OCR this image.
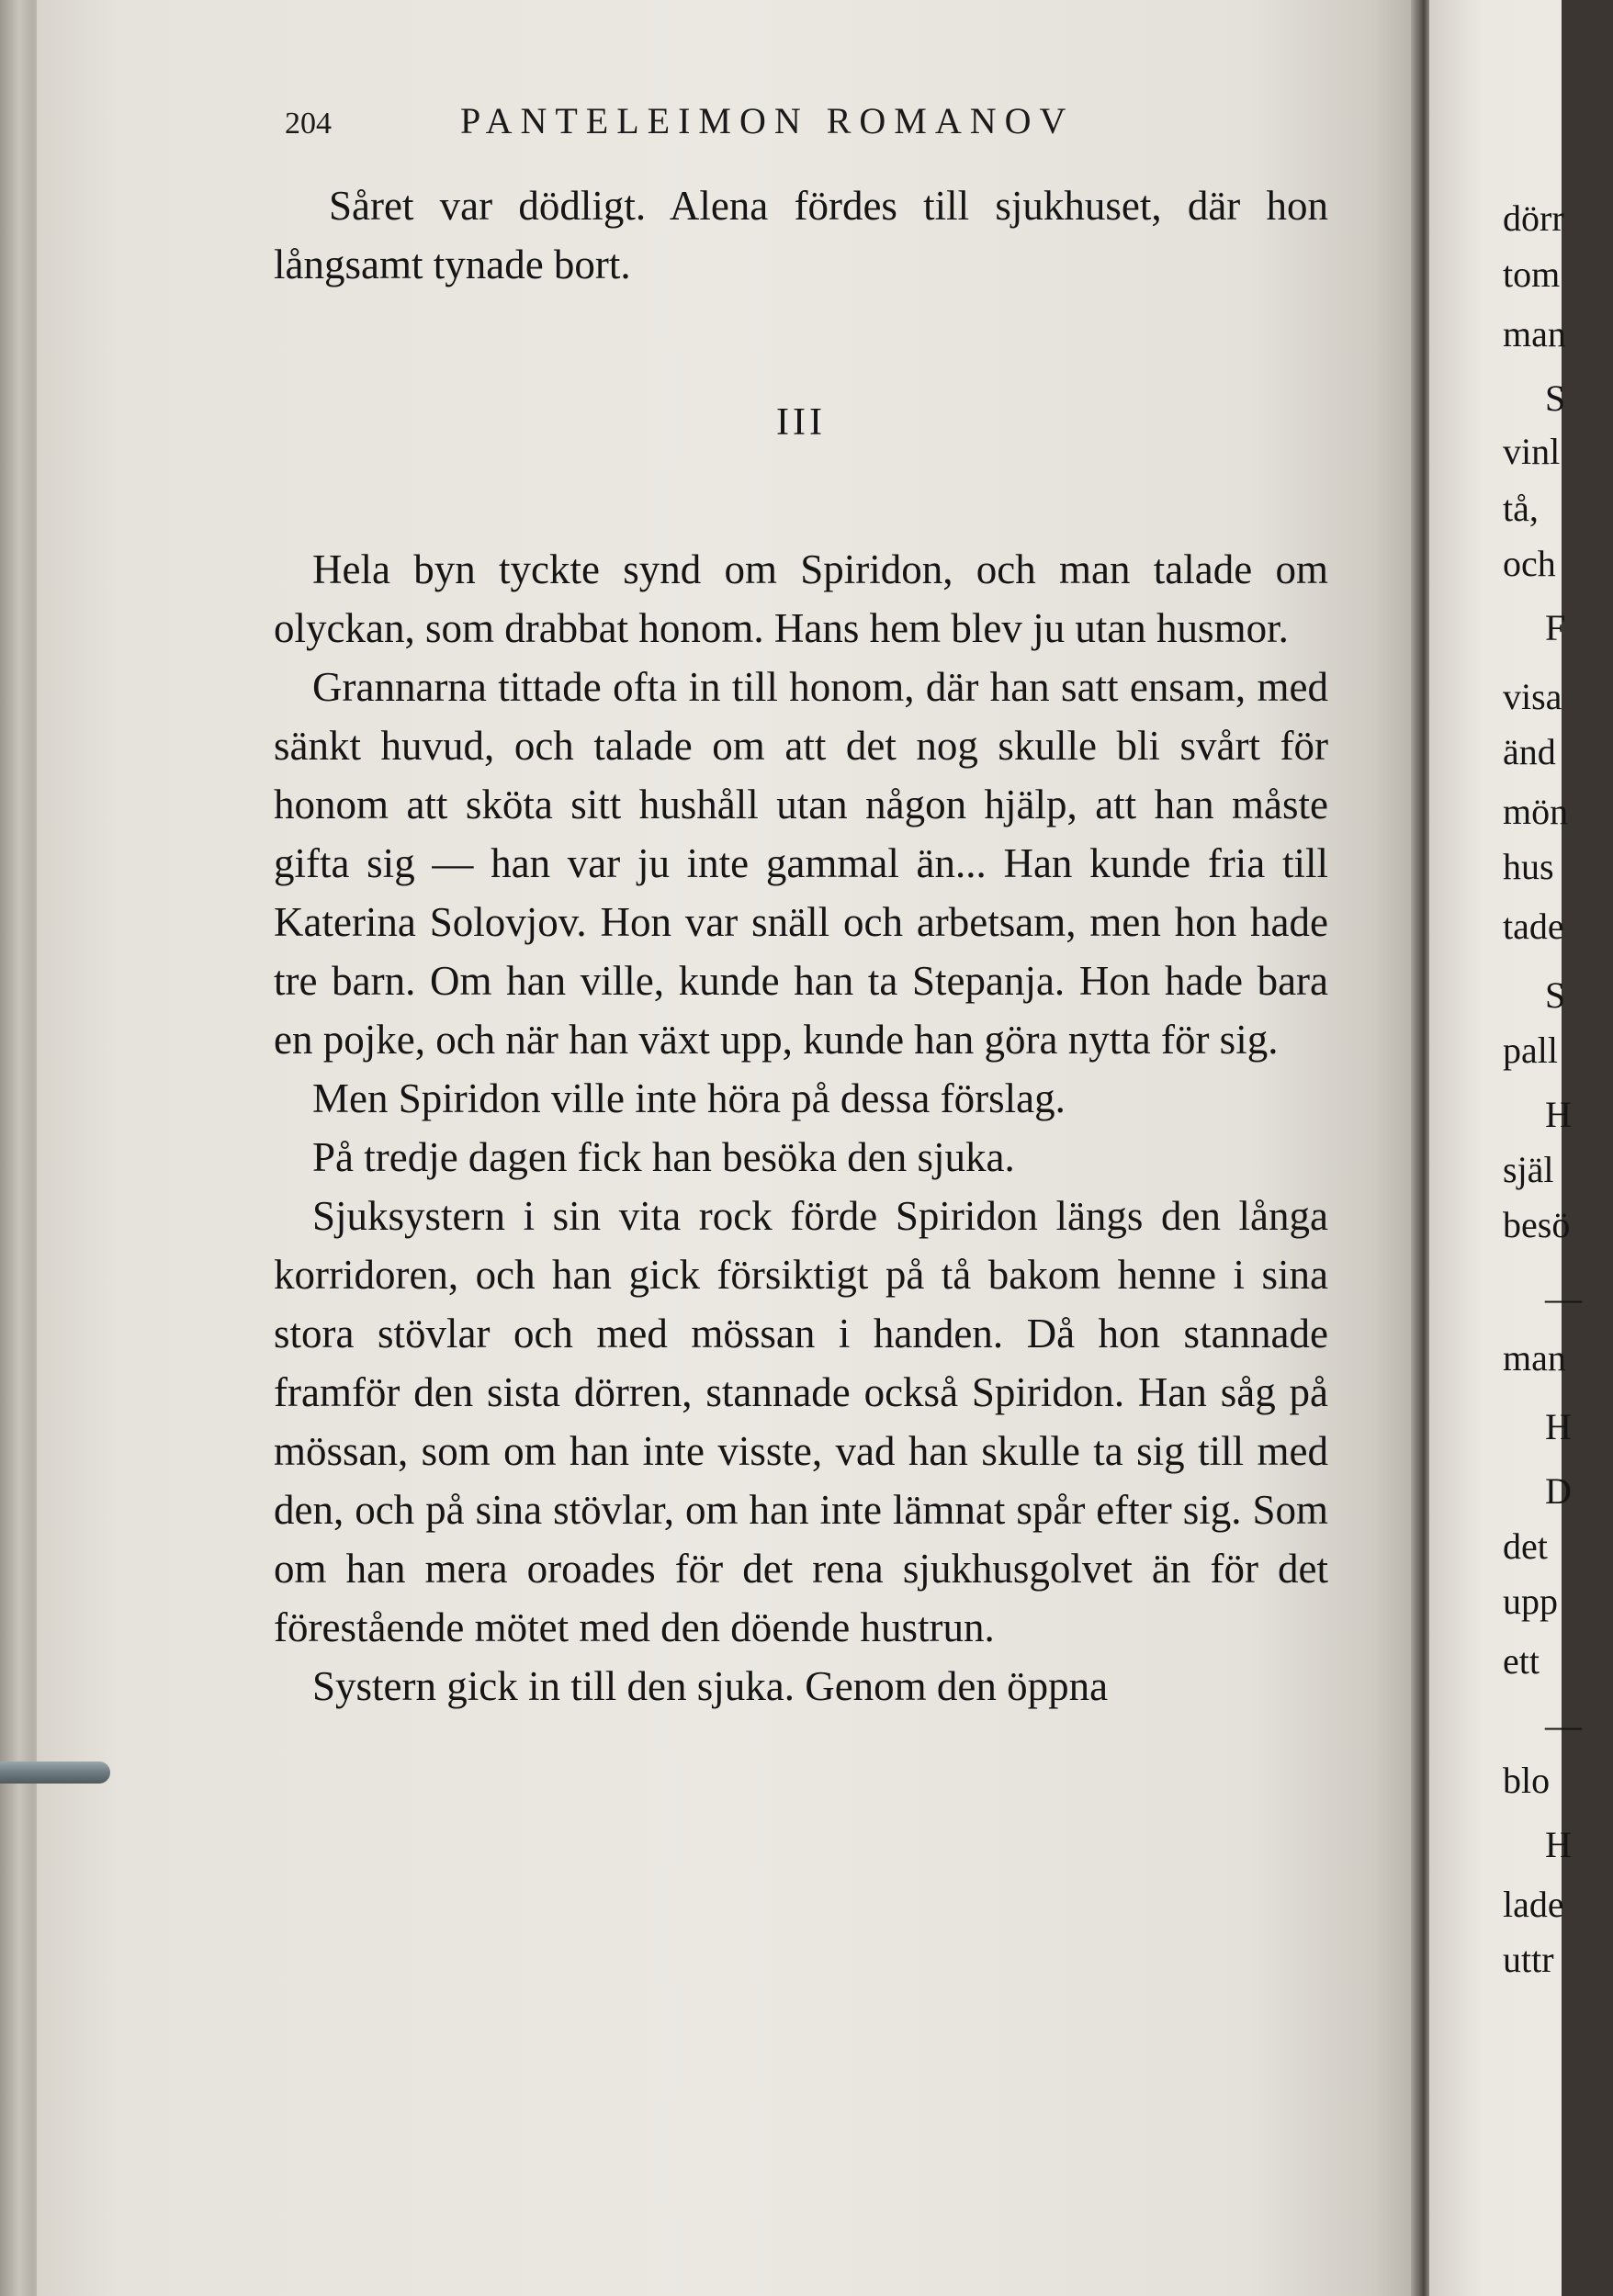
204	PANTELEIMON ROMANOV

Såret var dödligt. Alena fördes till sjukhuset, där hon långsamt tynade bort.

III

Hela byn tyckte synd om Spiridon, och man talade om olyckan, som drabbat honom. Hans hem blev ju utan husmor.

Grannarna tittade ofta in till honom, där han satt ensam, med sänkt huvud, och talade om att det nog skulle bli svårt för honom att sköta sitt hushåll utan någon hjälp, att han måste gifta sig — han var ju inte gammal än... Han kunde fria till Katerina Solovjov. Hon var snäll och arbetsam, men hon hade tre barn. Om han ville, kunde han ta Stepanja. Hon hade bara en pojke, och när han växt upp, kunde han göra nytta för sig.

Men Spiridon ville inte höra på dessa förslag.

På tredje dagen fick han besöka den sjuka.

Sjuksystern i sin vita rock förde Spiridon längs den långa korridoren, och han gick försiktigt på tå bakom henne i sina stora stövlar och med mössan i handen. Då hon stannade framför den sista dörren, stannade också Spiridon. Han såg på mössan, som om han inte visste, vad han skulle ta sig till med den, och på sina stövlar, om han inte lämnat spår efter sig. Som om han mera oroades för det rena sjukhusgolvet än för det förestående mötet med den döende hustrun.

Systern gick in till den sjuka. Genom den öppna

dörr
tom
man
S
vinl
tå,
och
F
visa
änd
mön
hus
tade
S
pall
H
själ
besö
—
man
H
D
det
upp
ett
—
blo
H
lade
uttr
